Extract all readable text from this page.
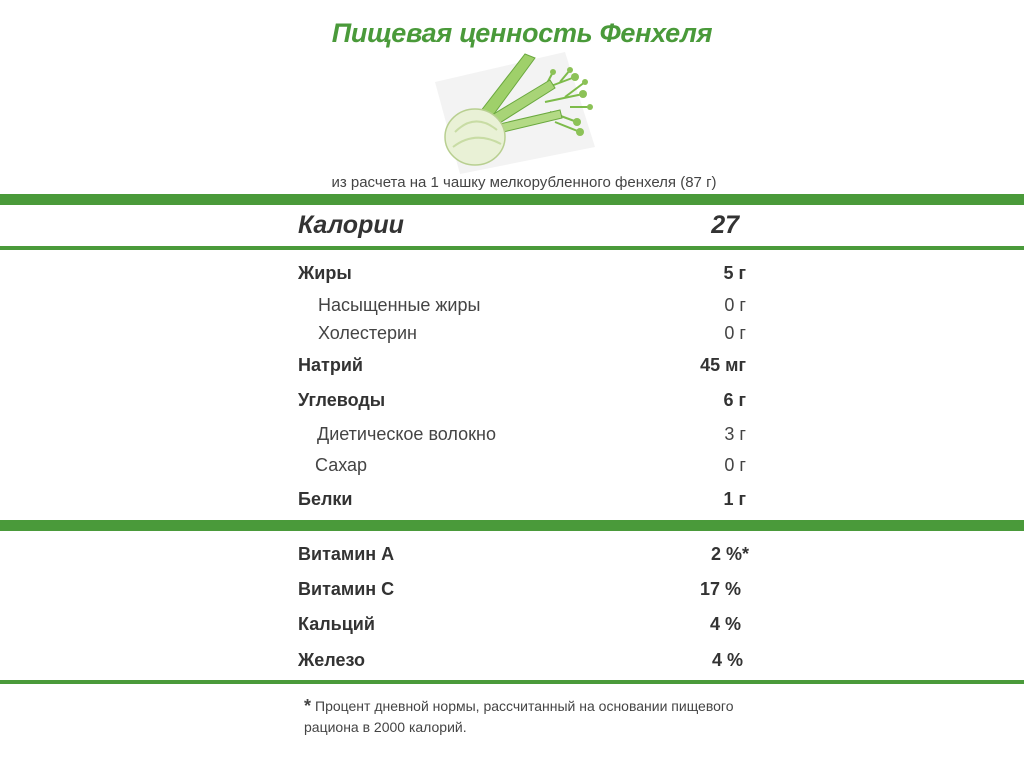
Пищевая ценность Фенхеля
из расчета на 1 чашку мелкорубленного фенхеля (87 г)
Калории	27
Жиры	5 г
Насыщенные жиры	0 г
Холестерин	0 г
Натрий	45 мг
Углеводы	6 г
Диетическое волокно	3 г
Сахар	0 г
Белки	1 г
Витамин A	2 %*
Витамин C	17 %
Кальций	4 %
Железо	4 %
* Процент дневной нормы, рассчитанный на основании пищевого рациона в 2000 калорий.
